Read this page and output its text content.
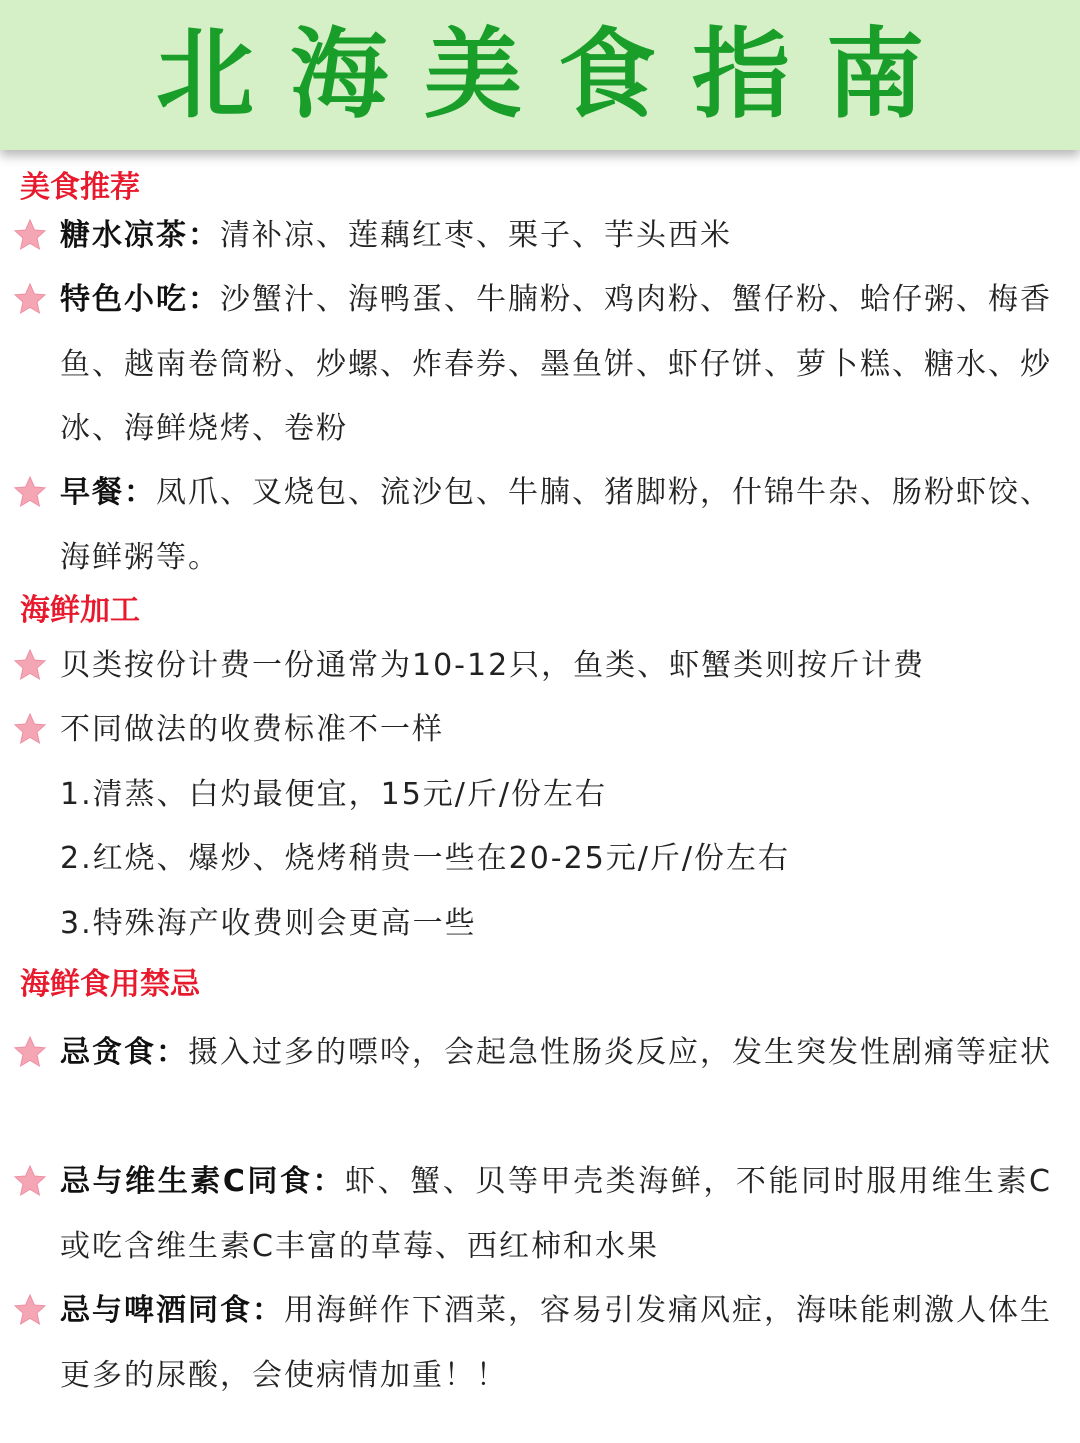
北海美食指南
美食推荐
糖水凉茶：清补凉、莲藕红枣、栗子、芋头西米
特色小吃：沙蟹汁、海鸭蛋、牛腩粉、鸡肉粉、蟹仔粉、蛤仔粥、梅香鱼、越南卷筒粉、炒螺、炸春券、墨鱼饼、虾仔饼、萝卜糕、糖水、炒冰、海鲜烧烤、卷粉
早餐：凤爪、叉烧包、流沙包、牛腩、猪脚粉，什锦牛杂、肠粉虾饺、海鲜粥等。
海鲜加工
贝类按份计费一份通常为10-12只，鱼类、虾蟹类则按斤计费
不同做法的收费标准不一样
1.清蒸、白灼最便宜，15元/斤/份左右
2.红烧、爆炒、烧烤稍贵一些在20-25元/斤/份左右
3.特殊海产收费则会更高一些
海鲜食用禁忌
忌贪食：摄入过多的嘌呤，会起急性肠炎反应，发生突发性剧痛等症状
忌与维生素C同食：虾、蟹、贝等甲壳类海鲜，不能同时服用维生素C或吃含维生素C丰富的草莓、西红柿和水果
忌与啤酒同食：用海鲜作下酒菜，容易引发痛风症，海味能刺激人体生更多的尿酸，会使病情加重！！
